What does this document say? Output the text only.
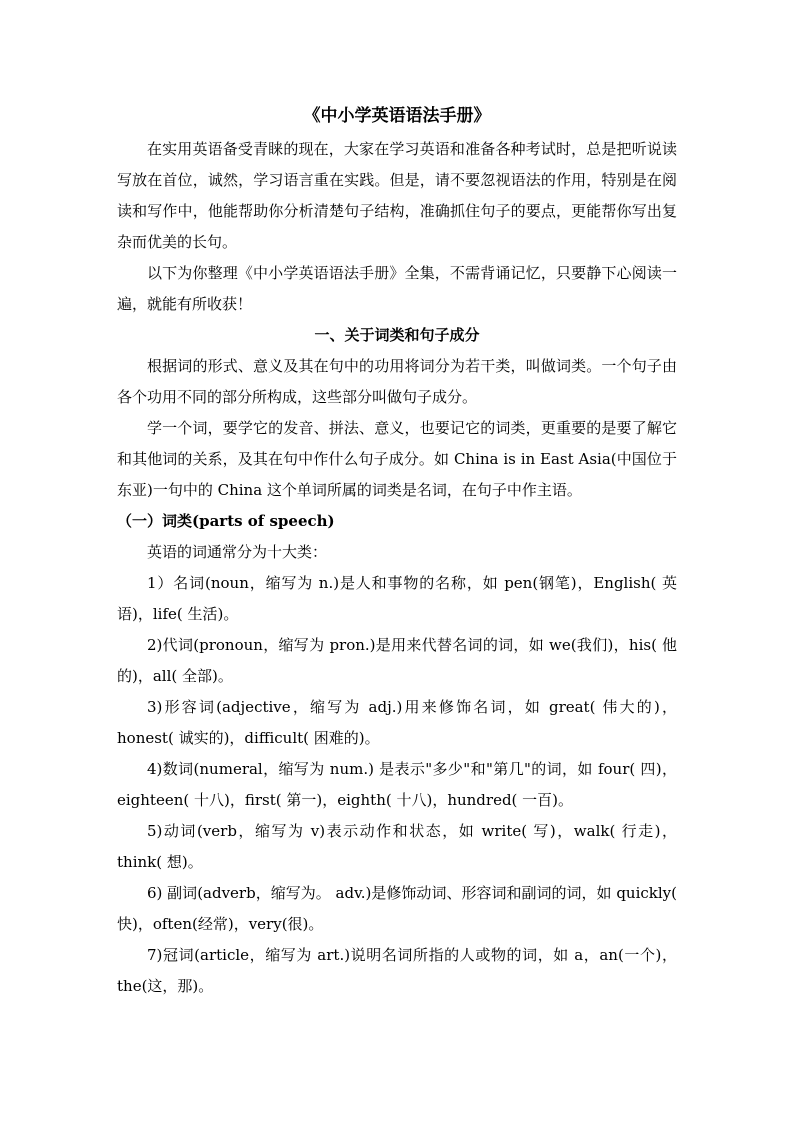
《中小学英语语法手册》

在实用英语备受青睐的现在，大家在学习英语和准备各种考试时，总是把听说读写放在首位，诚然，学习语言重在实践。但是，请不要忽视语法的作用，特别是在阅读和写作中，他能帮助你分析清楚句子结构，准确抓住句子的要点，更能帮你写出复杂而优美的长句。

以下为你整理《中小学英语语法手册》全集，不需背诵记忆，只要静下心阅读一遍，就能有所收获！

一、关于词类和句子成分

根据词的形式、意义及其在句中的功用将词分为若干类，叫做词类。一个句子由各个功用不同的部分所构成，这些部分叫做句子成分。

学一个词，要学它的发音、拼法、意义，也要记它的词类，更重要的是要了解它和其他词的关系，及其在句中作什么句子成分。如 China is in East Asia(中国位于东亚)一句中的 China 这个单词所属的词类是名词，在句子中作主语。

（一）词类(parts of speech)

英语的词通常分为十大类：

1）名词(noun，缩写为 n.)是人和事物的名称，如 pen(钢笔)，English( 英语)，life( 生活)。

2)代词(pronoun，缩写为 pron.)是用来代替名词的词，如 we(我们)，his( 他的)，all( 全部)。

3)形容词(adjective，缩写为 adj.)用来修饰名词，如 great( 伟大的)，honest( 诚实的)，difficult( 困难的)。

4)数词(numeral，缩写为 num.) 是表示"多少"和"第几"的词，如 four( 四)，eighteen( 十八)，first( 第一)，eighth( 十八)，hundred( 一百)。

5)动词(verb，缩写为 v)表示动作和状态，如 write( 写)，walk( 行走)，think( 想)。

6) 副词(adverb，缩写为。 adv.)是修饰动词、形容词和副词的词，如 quickly( 快)，often(经常)，very(很)。

7)冠词(article，缩写为 art.)说明名词所指的人或物的词，如 a，an(一个)，the(这，那)。
